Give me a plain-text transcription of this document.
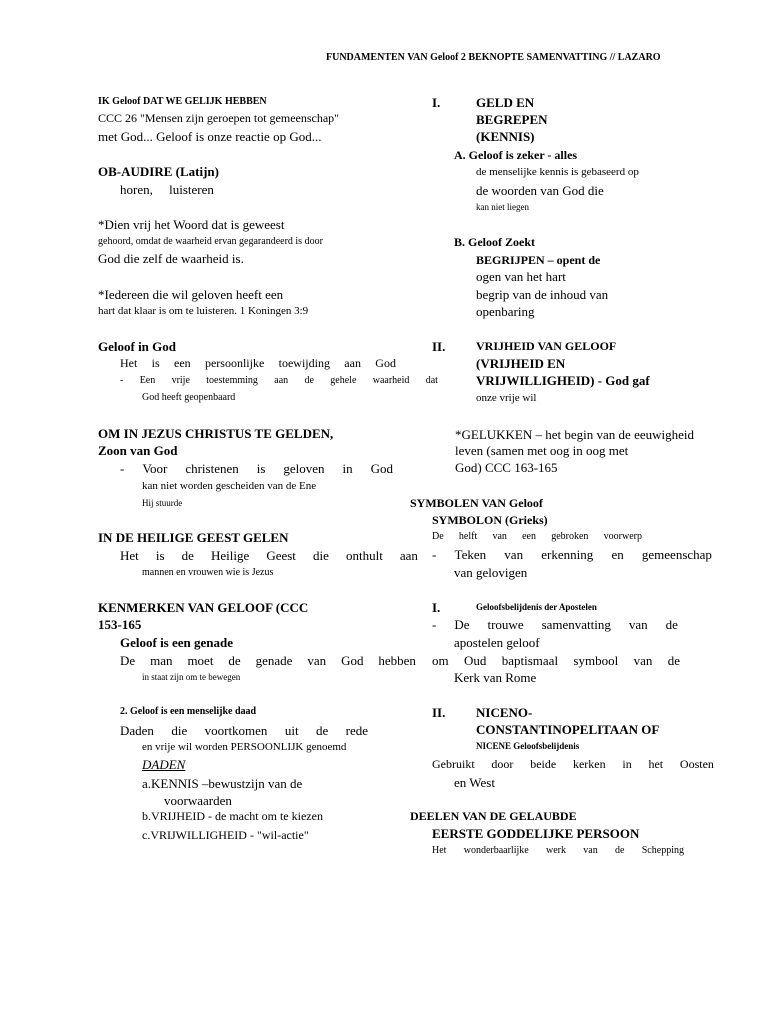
FUNDAMENTEN VAN Geloof 2 BEKNOPTE SAMENVATTING // LAZARO
IK Geloof DAT WE GELIJK HEBBEN
CCC 26 "Mensen zijn geroepen tot gemeenschap"
met God... Geloof is onze reactie op God...
OB-AUDIRE (Latijn)
horen, luisteren
*Dien vrij het Woord dat is geweest
gehoord, omdat de waarheid ervan gegarandeerd is door
God die zelf de waarheid is.
*Iedereen die wil geloven heeft een
hart dat klaar is om te luisteren. 1 Koningen 3:9
Geloof in God
Het is een persoonlijke toewijding aan God
- Een vrije toestemming aan de gehele waarheid dat
God heeft geopenbaard
OM IN JEZUS CHRISTUS TE GELDEN,
Zoon van God
- Voor christenen is geloven in God
kan niet worden gescheiden van de Ene
Hij stuurde
IN DE HEILIGE GEEST GELEN
Het is de Heilige Geest die onthult aan
mannen en vrouwen wie is Jezus
KENMERKEN VAN GELOOF (CCC
153-165
Geloof is een genade
De man moet de genade van God hebben
in staat zijn om te bewegen
2. Geloof is een menselijke daad
Daden die voortkomen uit de rede
en vrije wil worden PERSOONLIJK genoemd
DADEN
a.KENNIS –bewustzijn van de
voorwaarden
b.VRIJHEID - de macht om te kiezen
c.VRIJWILLIGHEID - "wil-actie"
I.	GELD EN
BEGREPEN
(KENNIS)
A. Geloof is zeker - alles
de menselijke kennis is gebaseerd op
de woorden van God die
kan niet liegen
B. Geloof Zoekt
BEGRIJPEN – opent de
ogen van het hart
begrip van de inhoud van
openbaring
II.	VRIJHEID VAN GELOOF
(VRIJHEID EN
VRIJWILLIGHEID) - God gaf
onze vrije wil
*GELUKKEN – het begin van de eeuwigheid
leven (samen met oog in oog met
God) CCC 163-165
SYMBOLEN VAN Geloof
SYMBOLON (Grieks)
De helft van een gebroken voorwerp
- Teken van erkenning en gemeenschap
van gelovigen
I.	Geloofsbelijdenis der Apostelen
- De trouwe samenvatting van de
apostelen geloof
om Oud baptismaal symbool van de
Kerk van Rome
II. NICENO-
CONSTANTINOPELITAAN OF
NICENE Geloofsbelijdenis
Gebruikt door beide kerken in het Oosten
en West
DEELEN VAN DE GELAUBDE
EERSTE GODDELIJKE PERSOON
Het wonderbaarlijke werk van de Schepping
